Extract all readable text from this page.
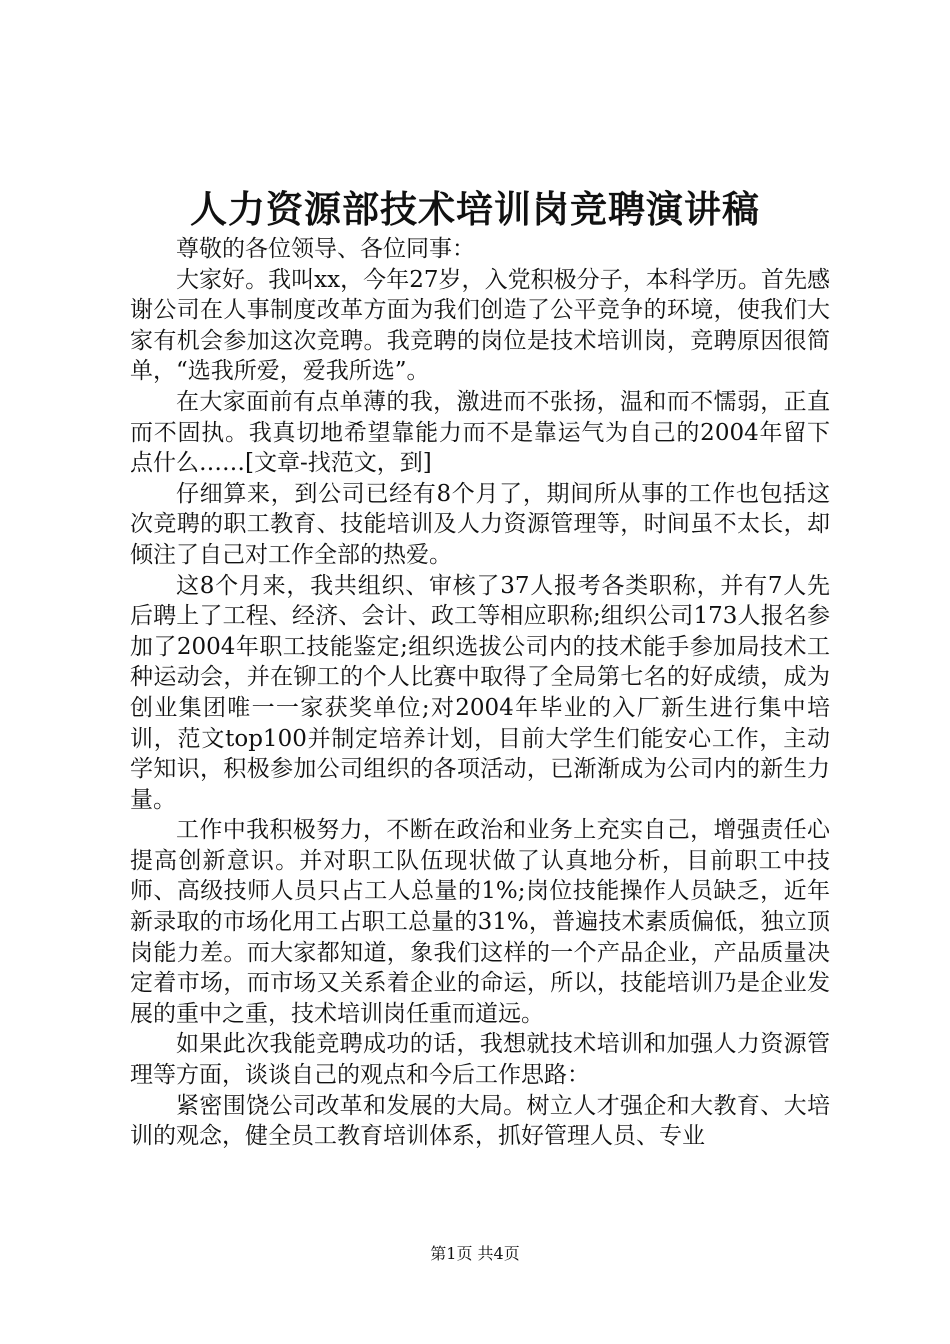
人力资源部技术培训岗竞聘演讲稿

尊敬的各位领导、各位同事：

大家好。我叫xx，今年27岁，入党积极分子，本科学历。首先感谢公司在人事制度改革方面为我们创造了公平竞争的环境，使我们大家有机会参加这次竞聘。我竞聘的岗位是技术培训岗，竞聘原因很简单，“选我所爱，爱我所选”。

在大家面前有点单薄的我，激进而不张扬，温和而不懦弱，正直而不固执。我真切地希望靠能力而不是靠运气为自己的2004年留下点什么……[文章-找范文，到]

仔细算来，到公司已经有8个月了，期间所从事的工作也包括这次竞聘的职工教育、技能培训及人力资源管理等，时间虽不太长，却倾注了自己对工作全部的热爱。

这8个月来，我共组织、审核了37人报考各类职称，并有7人先后聘上了工程、经济、会计、政工等相应职称;组织公司173人报名参加了2004年职工技能鉴定;组织选拔公司内的技术能手参加局技术工种运动会，并在铆工的个人比赛中取得了全局第七名的好成绩，成为创业集团唯一一家获奖单位;对2004年毕业的入厂新生进行集中培训，范文top100并制定培养计划，目前大学生们能安心工作，主动学知识，积极参加公司组织的各项活动，已渐渐成为公司内的新生力量。

工作中我积极努力，不断在政治和业务上充实自己，增强责任心提高创新意识。并对职工队伍现状做了认真地分析，目前职工中技师、高级技师人员只占工人总量的1%;岗位技能操作人员缺乏，近年新录取的市场化用工占职工总量的31%，普遍技术素质偏低，独立顶岗能力差。而大家都知道，象我们这样的一个产品企业，产品质量决定着市场，而市场又关系着企业的命运，所以，技能培训乃是企业发展的重中之重，技术培训岗任重而道远。

如果此次我能竞聘成功的话，我想就技术培训和加强人力资源管理等方面，谈谈自己的观点和今后工作思路：

紧密围饶公司改革和发展的大局。树立人才强企和大教育、大培训的观念，健全员工教育培训体系，抓好管理人员、专业

第1页 共4页
